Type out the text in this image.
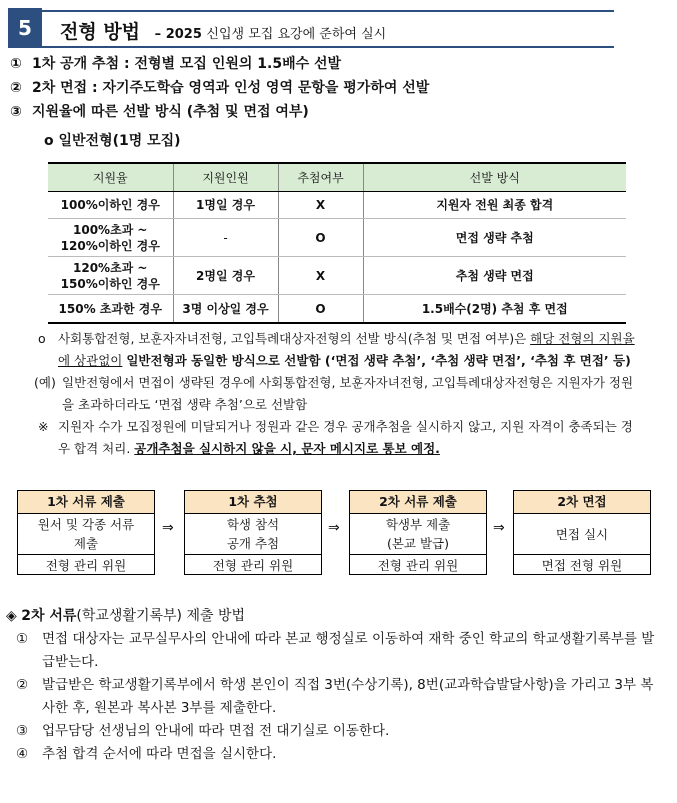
5	전형 방법 – 2025 신입생 모집 요강에 준하여 실시
① 1차 공개 추첨 : 전형별 모집 인원의 1.5배수 선발
② 2차 면접 : 자기주도학습 영역과 인성 영역 문항을 평가하여 선발
③ 지원율에 따른 선발 방식 (추첨 및 면접 여부)
o 일반전형(1명 모집)
지원율	지원인원	추첨여부	선발 방식
100%이하인 경우	1명일 경우	X	지원자 전원 최종 합격
100%초과 ~
120%이하인 경우	-	O	면접 생략 추첨
120%초과 ~
150%이하인 경우	2명일 경우	X	추첨 생략 면접
150% 초과한 경우	3명 이상일 경우	O	1.5배수(2명) 추첨 후 면접
o 사회통합전형, 보훈자자녀전형, 고입특례대상자전형의 선발 방식(추첨 및 면접 여부)은 해당 전형의 지원율에 상관없이 일반전형과 동일한 방식으로 선발함 (‘면접 생략 추첨’, ‘추첨 생략 면접’, ‘추첨 후 면접’ 등)
(예) 일반전형에서 면접이 생략된 경우에 사회통합전형, 보훈자자녀전형, 고입특례대상자전형은 지원자가 정원을 초과하더라도 ‘면접 생략 추첨’으로 선발함
※ 지원자 수가 모집정원에 미달되거나 정원과 같은 경우 공개추첨을 실시하지 않고, 지원 자격이 충족되는 경우 합격 처리. 공개추첨을 실시하지 않을 시, 문자 메시지로 통보 예정.
1차 서류 제출
원서 및 각종 서류
제출
전형 관리 위원
⇒
1차 추첨
학생 참석
공개 추첨
전형 관리 위원
⇒
2차 서류 제출
학생부 제출
(본교 발급)
전형 관리 위원
⇒
2차 면접
면접 실시
면접 전형 위원
◈ 2차 서류(학교생활기록부) 제출 방법
① 면접 대상자는 교무실무사의 안내에 따라 본교 행정실로 이동하여 재학 중인 학교의 학교생활기록부를 발급받는다.
② 발급받은 학교생활기록부에서 학생 본인이 직접 3번(수상기록), 8번(교과학습발달사항)을 가리고 3부 복사한 후, 원본과 복사본 3부를 제출한다.
③ 업무담당 선생님의 안내에 따라 면접 전 대기실로 이동한다.
④ 추첨 합격 순서에 따라 면접을 실시한다.
